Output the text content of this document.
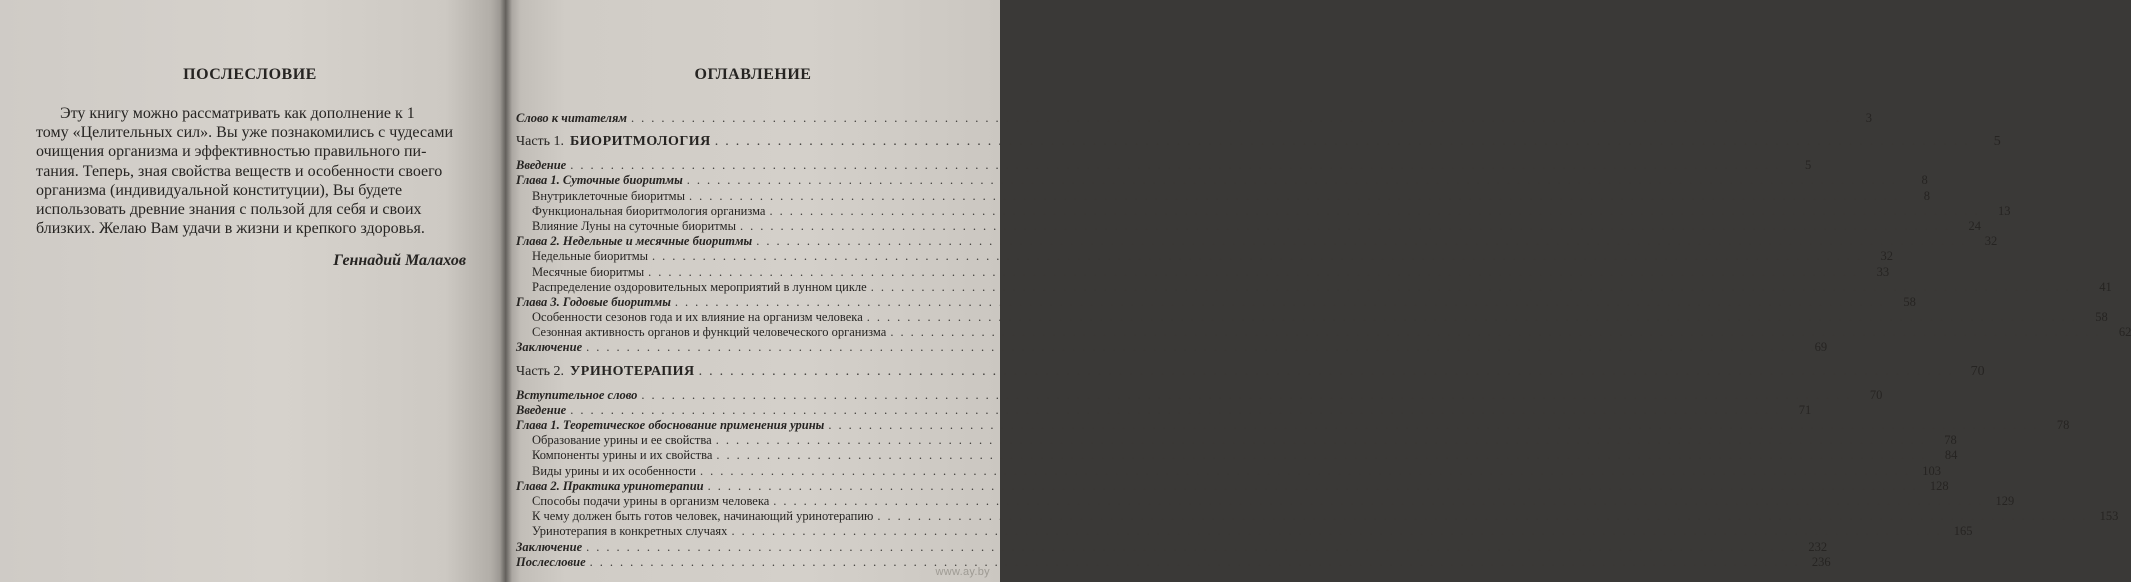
ПОСЛЕСЛОВИЕ
Эту книгу можно рассматривать как дополнение к 1
тому «Целительных сил». Вы уже познакомились с чудесами
очищения организма и эффективностью правильного пи-
тания. Теперь, зная свойства веществ и особенности своего
организма (индивидуальной конституции), Вы будете
использовать древние знания с пользой для себя и своих
близких. Желаю Вам удачи в жизни и крепкого здоровья.
Геннадий Малахов
ОГЛАВЛЕНИЕ
Слово к читателям ........................................................................................................................	3
Часть 1. БИОРИТМОЛОГИЯ ........................................................................................................................	5
Введение ........................................................................................................................	5
Глава 1. Суточные биоритмы ........................................................................................................................	8
Внутриклеточные биоритмы ........................................................................................................................	8
Функциональная биоритмология организма ........................................................................................................................	13
Влияние Луны на суточные биоритмы ........................................................................................................................	24
Глава 2. Недельные и месячные биоритмы ........................................................................................................................	32
Недельные биоритмы ........................................................................................................................	32
Месячные биоритмы ........................................................................................................................	33
Распределение оздоровительных мероприятий в лунном цикле ........................................................................................................................	41
Глава 3. Годовые биоритмы ........................................................................................................................	58
Особенности сезонов года и их влияние на организм человека ........................................................................................................................	58
Сезонная активность органов и функций человеческого организма ........................................................................................................................	62
Заключение ........................................................................................................................	69
Часть 2. УРИНОТЕРАПИЯ ........................................................................................................................ 70
Вступительное слово ........................................................................................................................	70
Введение ........................................................................................................................	71
Глава 1. Теоретическое обоснование применения урины ........................................................................................................................	78
Образование урины и ее свойства ........................................................................................................................	78
Компоненты урины и их свойства ........................................................................................................................	84
Виды урины и их особенности ........................................................................................................................ 103
Глава 2. Практика уринотерапии ........................................................................................................................ 128
Способы подачи урины в организм человека ........................................................................................................................ 129
К чему должен быть готов человек, начинающий уринотерапию ........................................................................................................................ 153
Уринотерапия в конкретных случаях ........................................................................................................................ 165
Заключение ........................................................................................................................ 232
Послесловие ........................................................................................................................ 236
www.ay.by
